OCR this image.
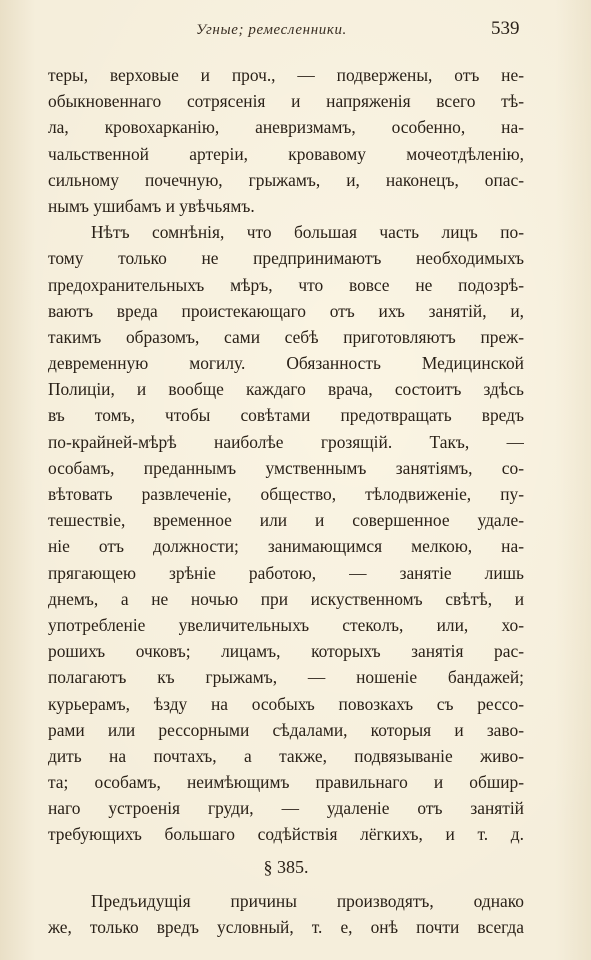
Угные; ремесленники.	539
теры, верховые и проч., — подвержены, отъ не-
обыкновеннаго сотрясенія и напряженія всего тѣ-
ла, кровохарканію, аневризмамъ, особенно, на-
чальственной артеріи, кровавому мочеотдѣленію,
сильному почечную, грыжамъ, и, наконецъ, опас-
нымъ ушибамъ и увѣчьямъ.
Нѣтъ сомнѣнія, что большая часть лицъ по-
тому только не предпринимаютъ необходимыхъ
предохранительныхъ мѣръ, что вовсе не подозрѣ-
ваютъ вреда проистекающаго отъ ихъ занятій, и,
такимъ образомъ, сами себѣ приготовляютъ преж-
девременную могилу. Обязанность Медицинской
Полиціи, и вообще каждаго врача, состоитъ здѣсь
въ томъ, чтобы совѣтами предотвращать вредъ
по-крайней-мѣрѣ наиболѣе грозящій. Такъ, —
особамъ, преданнымъ умственнымъ занятіямъ, со-
вѣтовать развлеченіе, общество, тѣлодвиженіе, пу-
тешествіе, временное или и совершенное удале-
ніе отъ должности; занимающимся мелкою, на-
прягающею зрѣніе работою, — занятіе лишь
днемъ, а не ночью при искуственномъ свѣтѣ, и
употребленіе увеличительныхъ стеколъ, или, хо-
рошихъ очковъ; лицамъ, которыхъ занятія рас-
полагаютъ къ грыжамъ, — ношеніе бандажей;
курьерамъ, ѣзду на особыхъ повозкахъ съ рессо-
рами или рессорными сѣдалами, которыя и заво-
дить на почтахъ, а также, подвязываніе живо-
та; особамъ, неимѣющимъ правильнаго и обшир-
наго устроенія груди, — удаленіе отъ занятій
требующихъ большаго содѣйствія лёгкихъ, и т. д.
§ 385.
Предъидущія причины производятъ, однако
же, только вредъ условный, т. е, онѣ почти всегда
